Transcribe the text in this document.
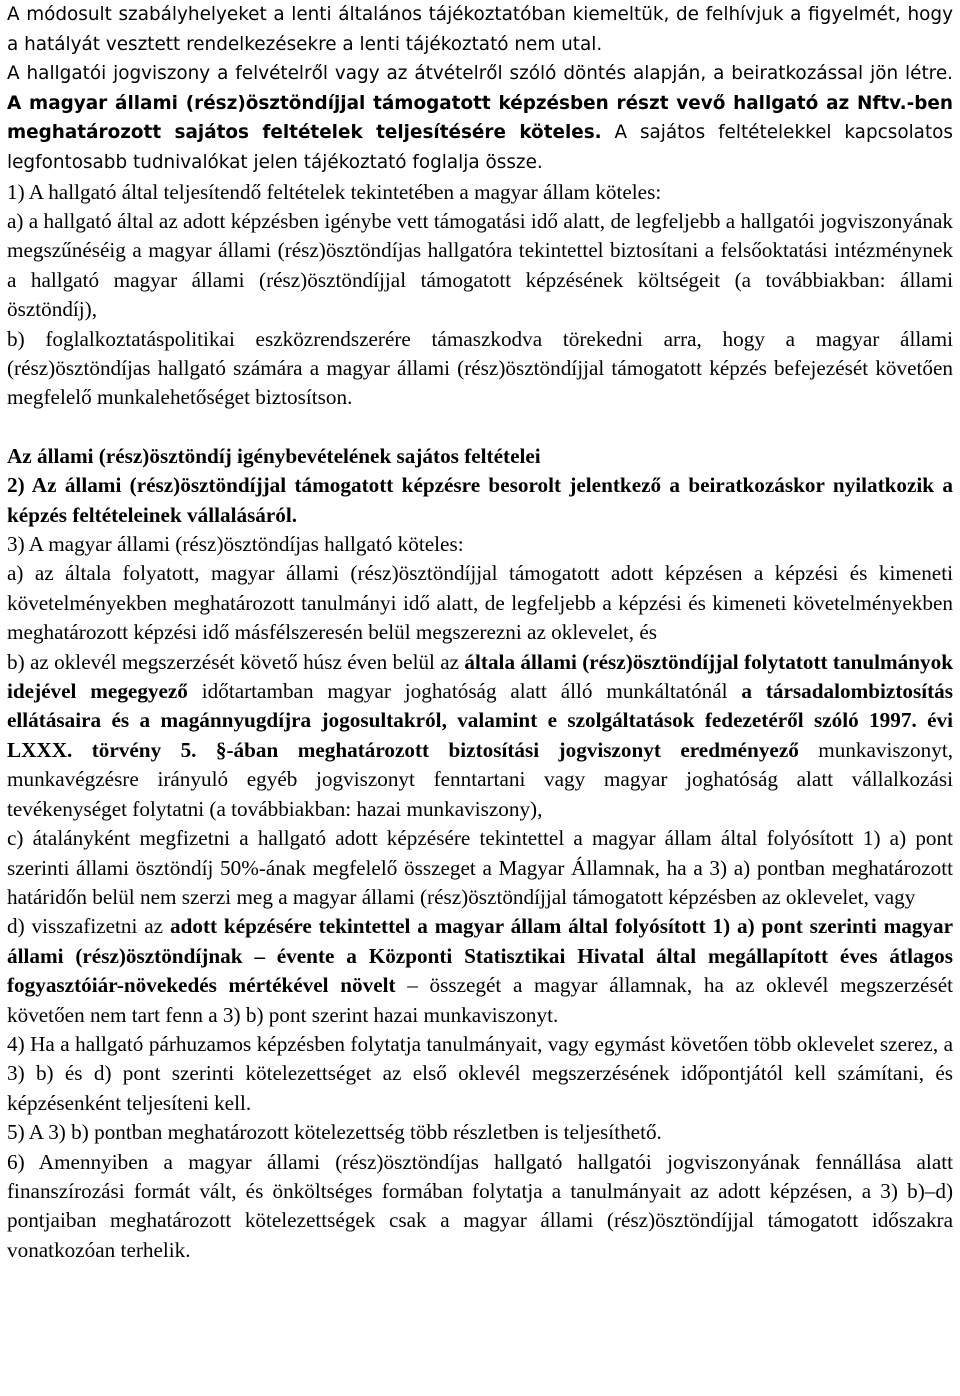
A módosult szabályhelyeket a lenti általános tájékoztatóban kiemeltük, de felhívjuk a figyelmét, hogy a hatályát vesztett rendelkezésekre a lenti tájékoztató nem utal.

A hallgatói jogviszony a felvételről vagy az átvételről szóló döntés alapján, a beiratkozással jön létre. A magyar állami (rész)ösztöndíjjal támogatott képzésben részt vevő hallgató az Nftv.-ben meghatározott sajátos feltételek teljesítésére köteles. A sajátos feltételekkel kapcsolatos legfontosabb tudnivalókat jelen tájékoztató foglalja össze.

1) A hallgató által teljesítendő feltételek tekintetében a magyar állam köteles:

a) a hallgató által az adott képzésben igénybe vett támogatási idő alatt, de legfeljebb a hallgatói jogviszonyának megszűnéséig a magyar állami (rész)ösztöndíjas hallgatóra tekintettel biztosítani a felsőoktatási intézménynek a hallgató magyar állami (rész)ösztöndíjjal támogatott képzésének költségeit (a továbbiakban: állami ösztöndíj),

b) foglalkoztatáspolitikai eszközrendszerére támaszkodva törekedni arra, hogy a magyar állami (rész)ösztöndíjas hallgató számára a magyar állami (rész)ösztöndíjjal támogatott képzés befejezését követően megfelelő munkalehetőséget biztosítson.

Az állami (rész)ösztöndíj igénybevételének sajátos feltételei

2) Az állami (rész)ösztöndíjjal támogatott képzésre besorolt jelentkező a beiratkozáskor nyilatkozik a képzés feltételeinek vállalásáról.

3) A magyar állami (rész)ösztöndíjas hallgató köteles:

a) az általa folyatott, magyar állami (rész)ösztöndíjjal támogatott adott képzésen a képzési és kimeneti követelményekben meghatározott tanulmányi idő alatt, de legfeljebb a képzési és kimeneti követelményekben meghatározott képzési idő másfélszeresén belül megszerezni az oklevelet, és

b) az oklevél megszerzését követő húsz éven belül az általa állami (rész)ösztöndíjjal folytatott tanulmányok idejével megegyező időtartamban magyar joghatóság alatt álló munkáltatónál a társadalombiztosítás ellátásaira és a magánnyugdíjra jogosultakról, valamint e szolgáltatások fedezetéről szóló 1997. évi LXXX. törvény 5. §-ában meghatározott biztosítási jogviszonyt eredményező munkaviszonyt, munkavégzésre irányuló egyéb jogviszonyt fenntartani vagy magyar joghatóság alatt vállalkozási tevékenységet folytatni (a továbbiakban: hazai munkaviszony),

c) átalányként megfizetni a hallgató adott képzésére tekintettel a magyar állam által folyósított 1) a) pont szerinti állami ösztöndíj 50%-ának megfelelő összeget a Magyar Államnak, ha a 3) a) pontban meghatározott határidőn belül nem szerzi meg a magyar állami (rész)ösztöndíjjal támogatott képzésben az oklevelet, vagy

d) visszafizetni az adott képzésére tekintettel a magyar állam által folyósított 1) a) pont szerinti magyar állami (rész)ösztöndíjnak – évente a Központi Statisztikai Hivatal által megállapított éves átlagos fogyasztóiár-növekedés mértékével növelt – összegét a magyar államnak, ha az oklevél megszerzését követően nem tart fenn a 3) b) pont szerint hazai munkaviszonyt.

4) Ha a hallgató párhuzamos képzésben folytatja tanulmányait, vagy egymást követően több oklevelet szerez, a 3) b) és d) pont szerinti kötelezettséget az első oklevél megszerzésének időpontjától kell számítani, és képzésenként teljesíteni kell.

5) A 3) b) pontban meghatározott kötelezettség több részletben is teljesíthető.

6) Amennyiben a magyar állami (rész)ösztöndíjas hallgató hallgatói jogviszonyának fennállása alatt finanszírozási formát vált, és önköltséges formában folytatja a tanulmányait az adott képzésen, a 3) b)–d) pontjaiban meghatározott kötelezettségek csak a magyar állami (rész)ösztöndíjjal támogatott időszakra vonatkozóan terhelik.
